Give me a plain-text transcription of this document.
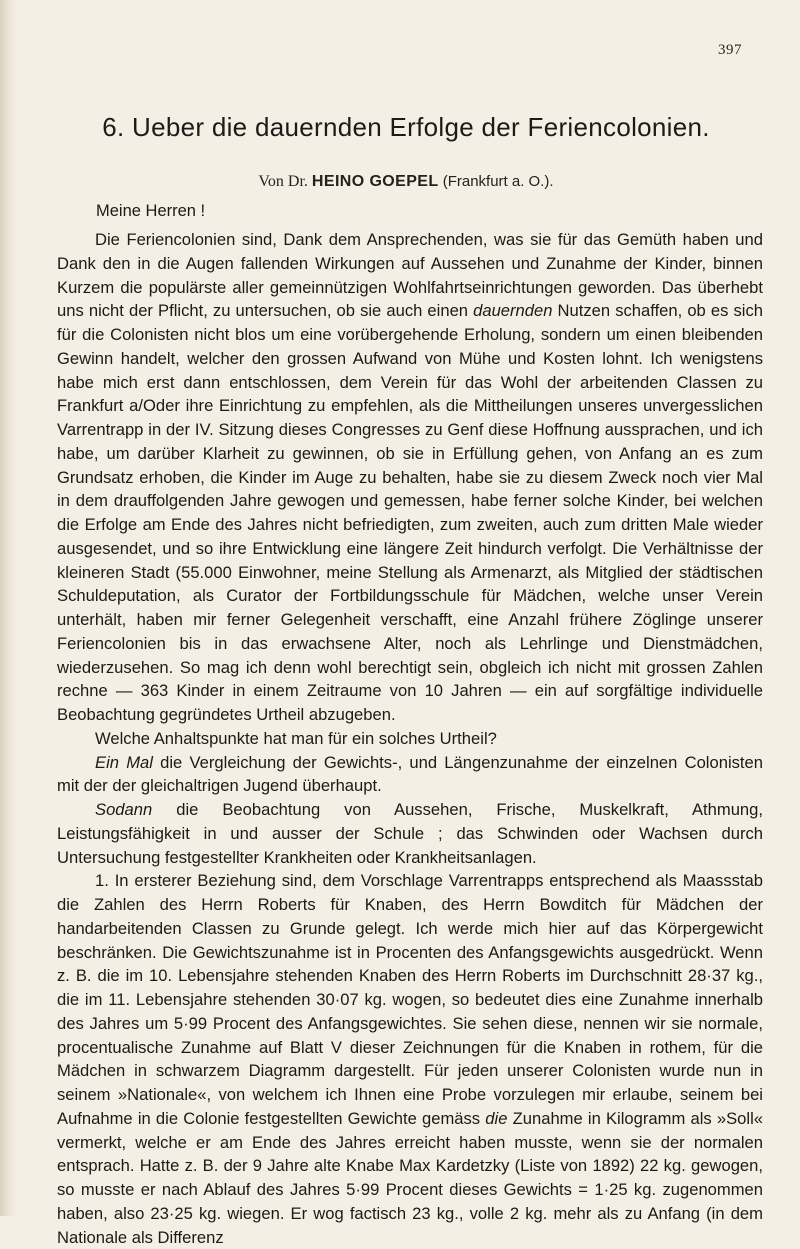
397
6. Ueber die dauernden Erfolge der Feriencolonien.
Von Dr. HEINO GOEPEL (Frankfurt a. O.).
Meine Herren !

Die Feriencolonien sind, Dank dem Ansprechenden, was sie für das Gemüth haben und Dank den in die Augen fallenden Wirkungen auf Aussehen und Zunahme der Kinder, binnen Kurzem die populärste aller gemeinnützigen Wohlfahrtseinrichtungen geworden. Das überhebt uns nicht der Pflicht, zu untersuchen, ob sie auch einen dauernden Nutzen schaffen, ob es sich für die Colonisten nicht blos um eine vorübergehende Erholung, sondern um einen bleibenden Gewinn handelt, welcher den grossen Aufwand von Mühe und Kosten lohnt. Ich wenigstens habe mich erst dann entschlossen, dem Verein für das Wohl der arbeitenden Classen zu Frankfurt a/Oder ihre Einrichtung zu empfehlen, als die Mittheilungen unseres unvergesslichen Varrentrapp in der IV. Sitzung dieses Congresses zu Genf diese Hoffnung aussprachen, und ich habe, um darüber Klarheit zu gewinnen, ob sie in Erfüllung gehen, von Anfang an es zum Grundsatz erhoben, die Kinder im Auge zu behalten, habe sie zu diesem Zweck noch vier Mal in dem drauffolgenden Jahre gewogen und gemessen, habe ferner solche Kinder, bei welchen die Erfolge am Ende des Jahres nicht befriedigten, zum zweiten, auch zum dritten Male wieder ausgesendet, und so ihre Entwicklung eine längere Zeit hindurch verfolgt. Die Verhältnisse der kleineren Stadt (55.000 Einwohner, meine Stellung als Armenarzt, als Mitglied der städtischen Schuldeputation, als Curator der Fortbildungsschule für Mädchen, welche unser Verein unterhält, haben mir ferner Gelegenheit verschafft, eine Anzahl frühere Zöglinge unserer Feriencolonien bis in das erwachsene Alter, noch als Lehrlinge und Dienstmädchen, wiederzusehen. So mag ich denn wohl berechtigt sein, obgleich ich nicht mit grossen Zahlen rechne — 363 Kinder in einem Zeitraume von 10 Jahren — ein auf sorgfältige individuelle Beobachtung gegründetes Urtheil abzugeben.

Welche Anhaltspunkte hat man für ein solches Urtheil?

Ein Mal die Vergleichung der Gewichts-, und Längenzunahme der einzelnen Colonisten mit der der gleichaltrigen Jugend überhaupt.

Sodann die Beobachtung von Aussehen, Frische, Muskelkraft, Athmung, Leistungsfähigkeit in und ausser der Schule ; das Schwinden oder Wachsen durch Untersuchung festgestellter Krankheiten oder Krankheitsanlagen.

1. In ersterer Beziehung sind, dem Vorschlage Varrentrapps entsprechend als Maassstab die Zahlen des Herrn Roberts für Knaben, des Herrn Bowditch für Mädchen der handarbeitenden Classen zu Grunde gelegt. Ich werde mich hier auf das Körpergewicht beschränken. Die Gewichtszunahme ist in Procenten des Anfangsgewichts ausgedrückt. Wenn z. B. die im 10. Lebensjahre stehenden Knaben des Herrn Roberts im Durchschnitt 28·37 kg., die im 11. Lebensjahre stehenden 30·07 kg. wogen, so bedeutet dies eine Zunahme innerhalb des Jahres um 5·99 Procent des Anfangsgewichtes. Sie sehen diese, nennen wir sie normale, procentualische Zunahme auf Blatt V dieser Zeichnungen für die Knaben in rothem, für die Mädchen in schwarzem Diagramm dargestellt. Für jeden unserer Colonisten wurde nun in seinem »Nationale«, von welchem ich Ihnen eine Probe vorzulegen mir erlaube, seinem bei Aufnahme in die Colonie festgestellten Gewichte gemäss die Zunahme in Kilogramm als »Soll« vermerkt, welche er am Ende des Jahres erreicht haben musste, wenn sie der normalen entsprach. Hatte z. B. der 9 Jahre alte Knabe Max Kardetzky (Liste von 1892) 22 kg. gewogen, so musste er nach Ablauf des Jahres 5·99 Procent dieses Gewichts = 1·25 kg. zugenommen haben, also 23·25 kg. wiegen. Er wog factisch 23 kg., volle 2 kg. mehr als zu Anfang (in dem Nationale als Differenz
